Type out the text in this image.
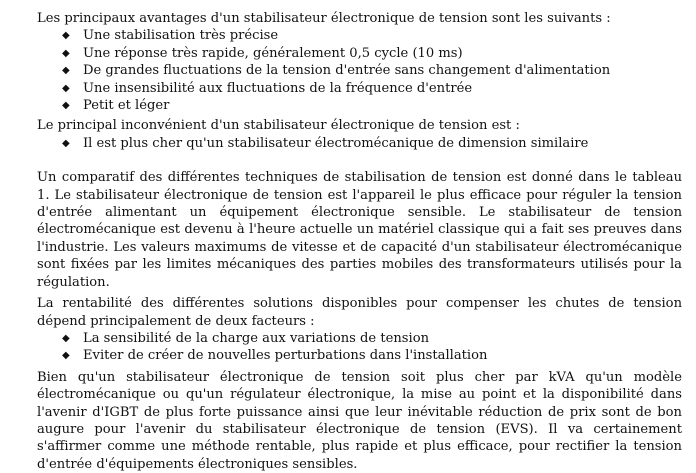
Les principaux avantages d'un stabilisateur électronique de tension sont les suivants :

◆ Une stabilisation très précise
◆ Une réponse très rapide, généralement 0,5 cycle (10 ms)
◆ De grandes fluctuations de la tension d'entrée sans changement d'alimentation
◆ Une insensibilité aux fluctuations de la fréquence d'entrée
◆ Petit et léger

Le principal inconvénient d'un stabilisateur électronique de tension est :

◆ Il est plus cher qu'un stabilisateur électromécanique de dimension similaire

Un comparatif des différentes techniques de stabilisation de tension est donné dans le tableau 1. Le stabilisateur électronique de tension est l'appareil le plus efficace pour réguler la tension d'entrée alimentant un équipement électronique sensible. Le stabilisateur de tension électromécanique est devenu à l'heure actuelle un matériel classique qui a fait ses preuves dans l'industrie. Les valeurs maximums de vitesse et de capacité d'un stabilisateur électromécanique sont fixées par les limites mécaniques des parties mobiles des transformateurs utilisés pour la régulation.

La rentabilité des différentes solutions disponibles pour compenser les chutes de tension dépend principalement de deux facteurs :

◆ La sensibilité de la charge aux variations de tension
◆ Eviter de créer de nouvelles perturbations dans l'installation

Bien qu'un stabilisateur électronique de tension soit plus cher par kVA qu'un modèle électromécanique ou qu'un régulateur électronique, la mise au point et la disponibilité dans l'avenir d'IGBT de plus forte puissance ainsi que leur inévitable réduction de prix sont de bon augure pour l'avenir du stabilisateur électronique de tension (EVS). Il va certainement s'affirmer comme une méthode rentable, plus rapide et plus efficace, pour rectifier la tension d'entrée d'équipements électroniques sensibles.
